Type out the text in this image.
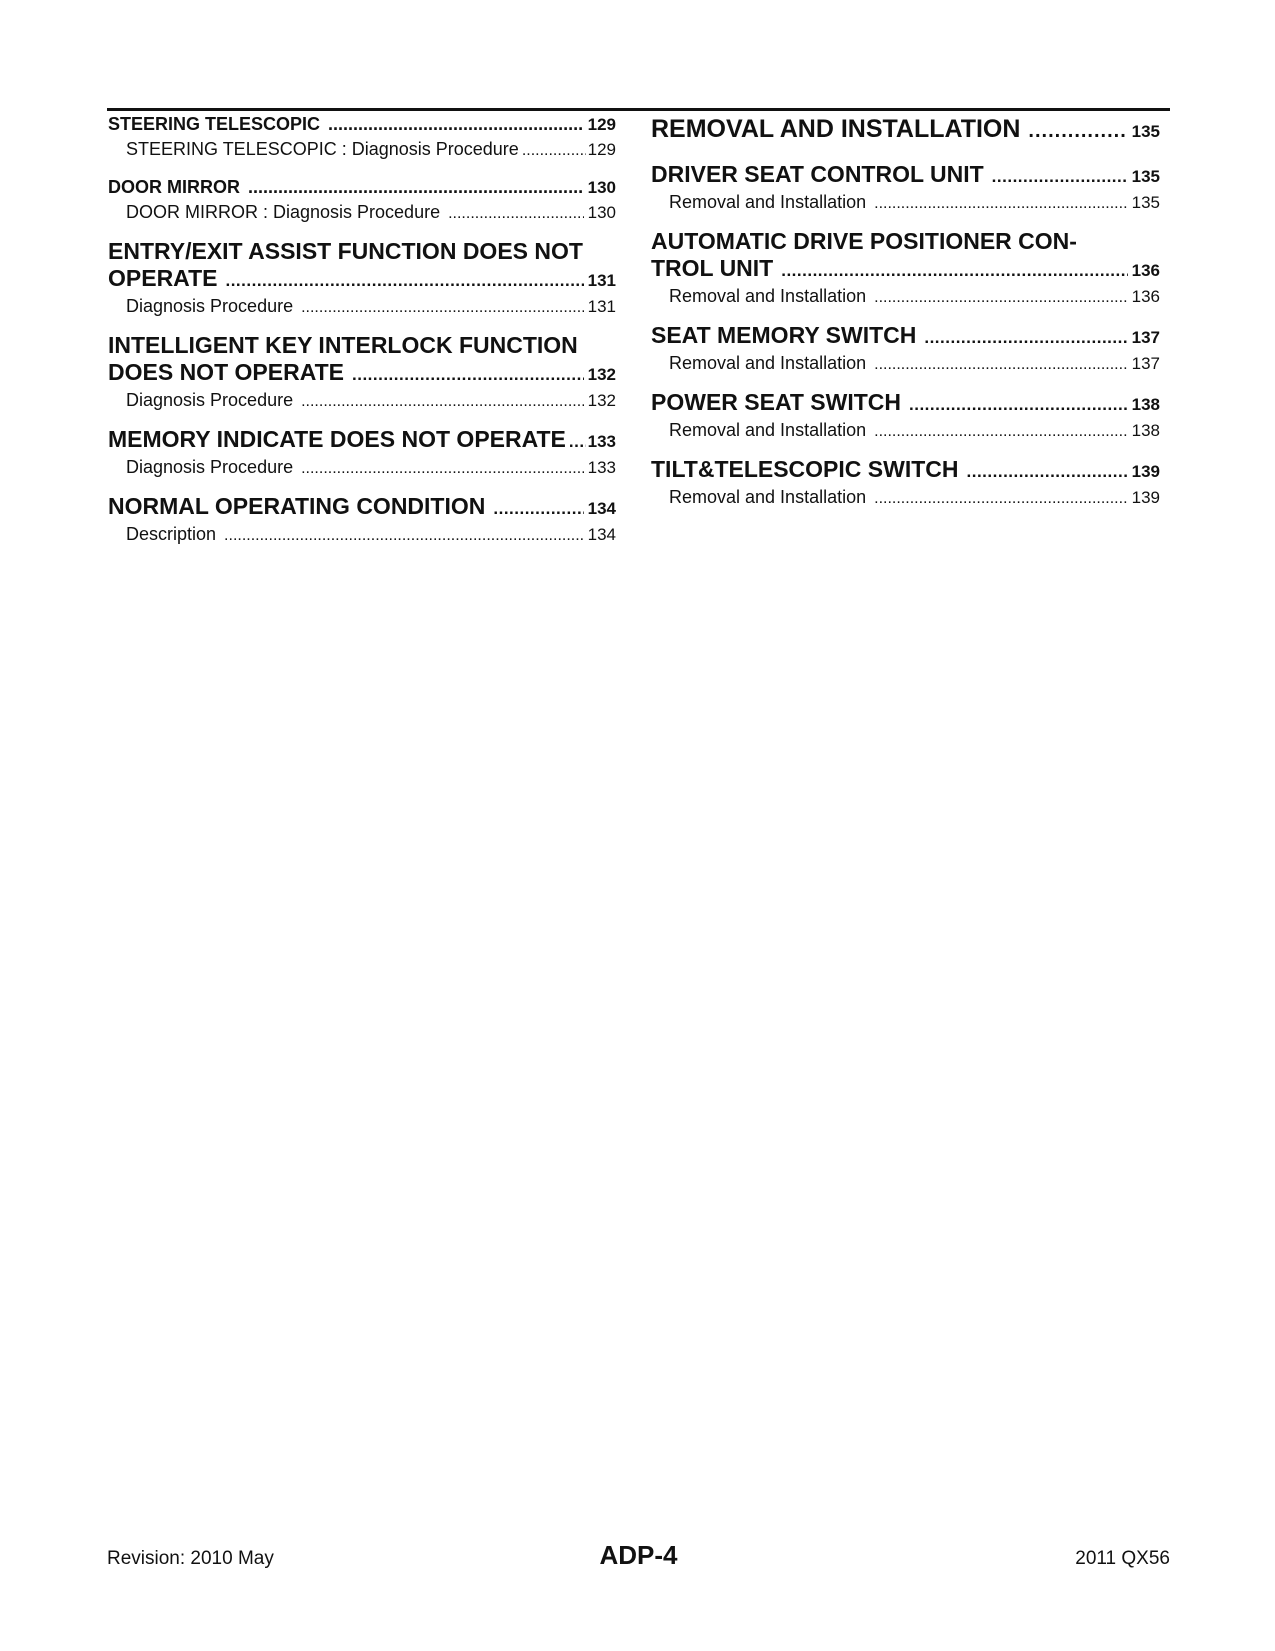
STEERING TELESCOPIC .....	129
STEERING TELESCOPIC : Diagnosis Procedure .....	129
DOOR MIRROR .....	130
DOOR MIRROR : Diagnosis Procedure .....	130
ENTRY/EXIT ASSIST FUNCTION DOES NOT
OPERATE .....	131
Diagnosis Procedure .....	131
INTELLIGENT KEY INTERLOCK FUNCTION
DOES NOT OPERATE .....	132
Diagnosis Procedure .....	132
MEMORY INDICATE DOES NOT OPERATE ..... 133
Diagnosis Procedure .....	133
NORMAL OPERATING CONDITION .....	134
Description .....	134
REMOVAL AND INSTALLATION .....	135
DRIVER SEAT CONTROL UNIT .....	135
Removal and Installation .....	135
AUTOMATIC DRIVE POSITIONER CON-
TROL UNIT .....	136
Removal and Installation .....	136
SEAT MEMORY SWITCH .....	137
Removal and Installation .....	137
POWER SEAT SWITCH .....	138
Removal and Installation .....	138
TILT&TELESCOPIC SWITCH .....	139
Removal and Installation .....	139
Revision: 2010 May	ADP-4	2011 QX56
